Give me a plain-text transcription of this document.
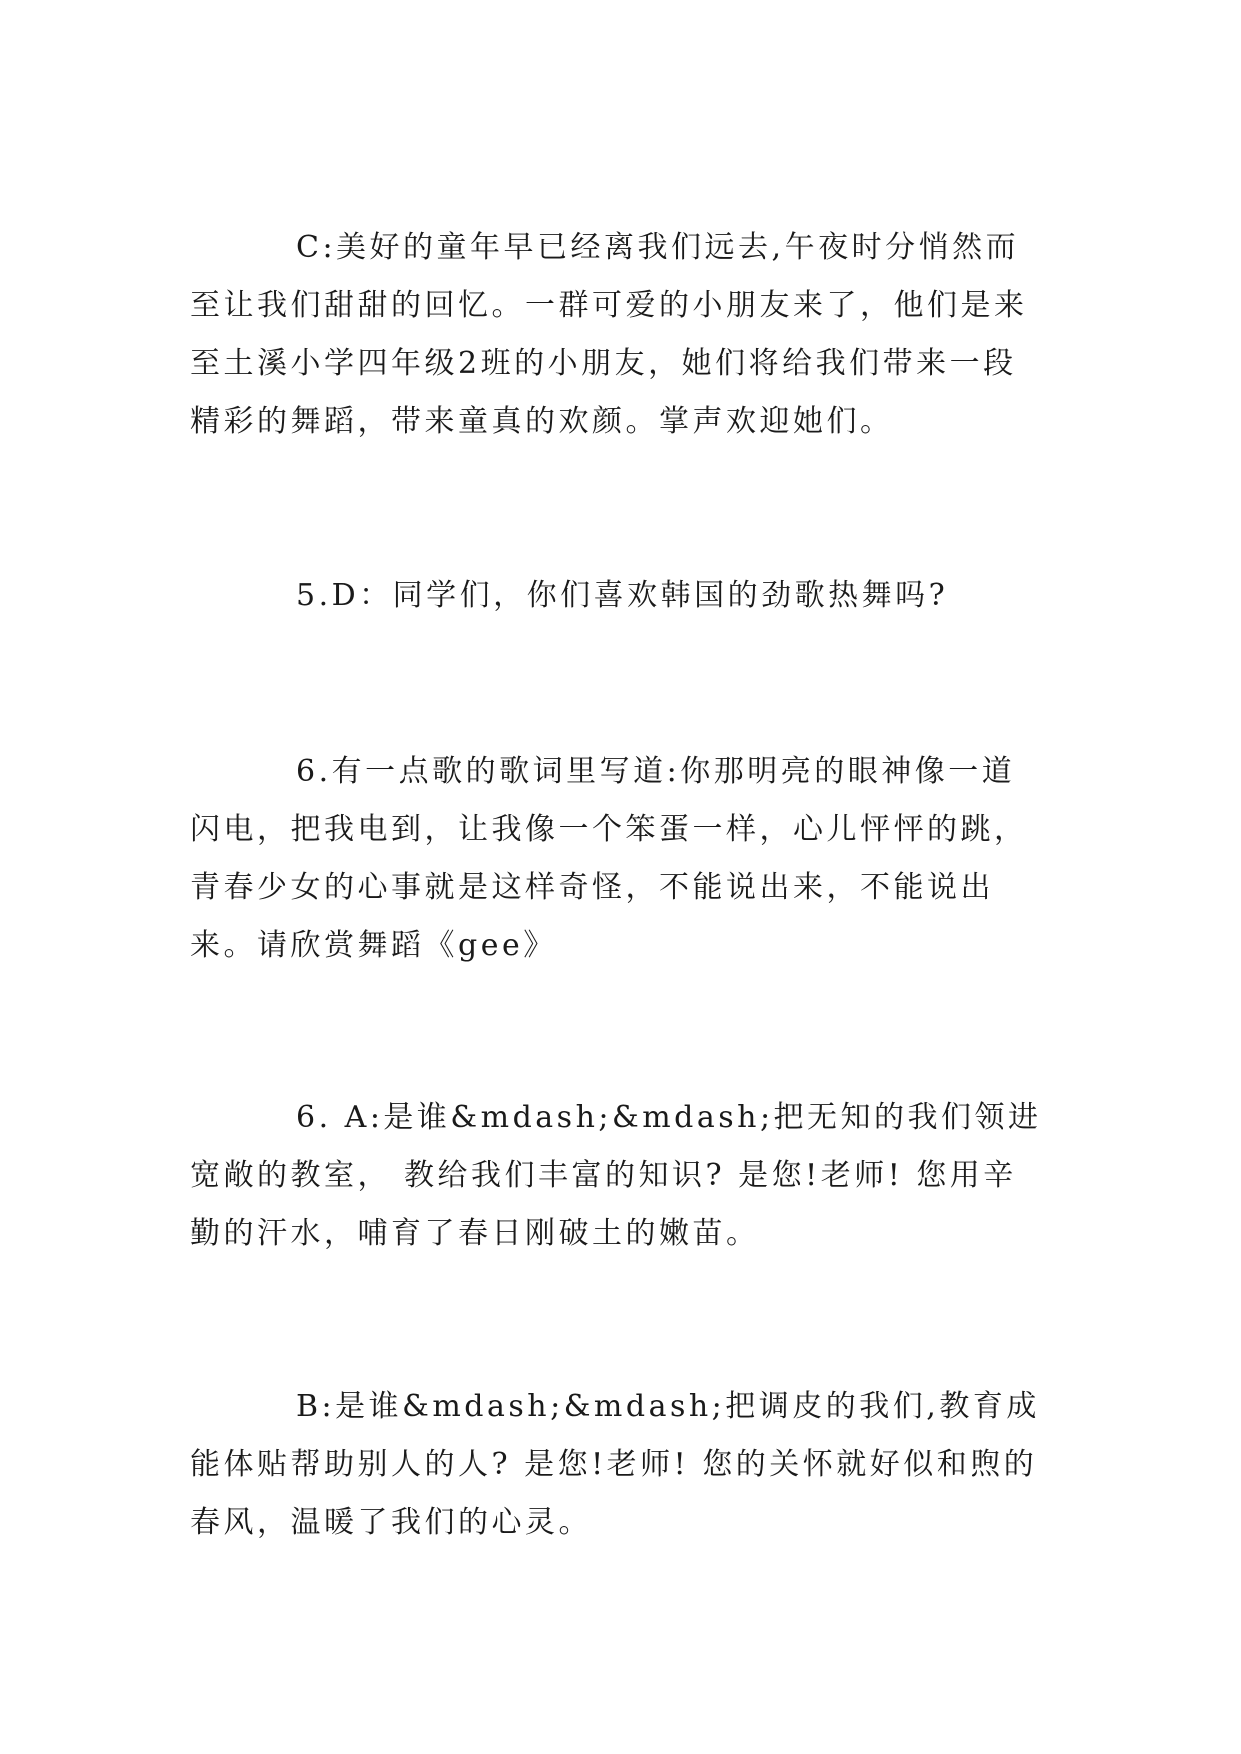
C:美好的童年早已经离我们远去,午夜时分悄然而至让我们甜甜的回忆。一群可爱的小朋友来了，他们是来至土溪小学四年级2班的小朋友，她们将给我们带来一段精彩的舞蹈，带来童真的欢颜。掌声欢迎她们。

5.D：同学们，你们喜欢韩国的劲歌热舞吗?

6.有一点歌的歌词里写道:你那明亮的眼神像一道闪电，把我电到，让我像一个笨蛋一样，心儿怦怦的跳，青春少女的心事就是这样奇怪，不能说出来，不能说出来。请欣赏舞蹈《gee》

6. A:是谁&mdash;&mdash;把无知的我们领进宽敞的教室， 教给我们丰富的知识? 是您!老师! 您用辛勤的汗水，哺育了春日刚破土的嫩苗。

B:是谁&mdash;&mdash;把调皮的我们,教育成能体贴帮助别人的人? 是您!老师! 您的关怀就好似和煦的春风，温暖了我们的心灵。
